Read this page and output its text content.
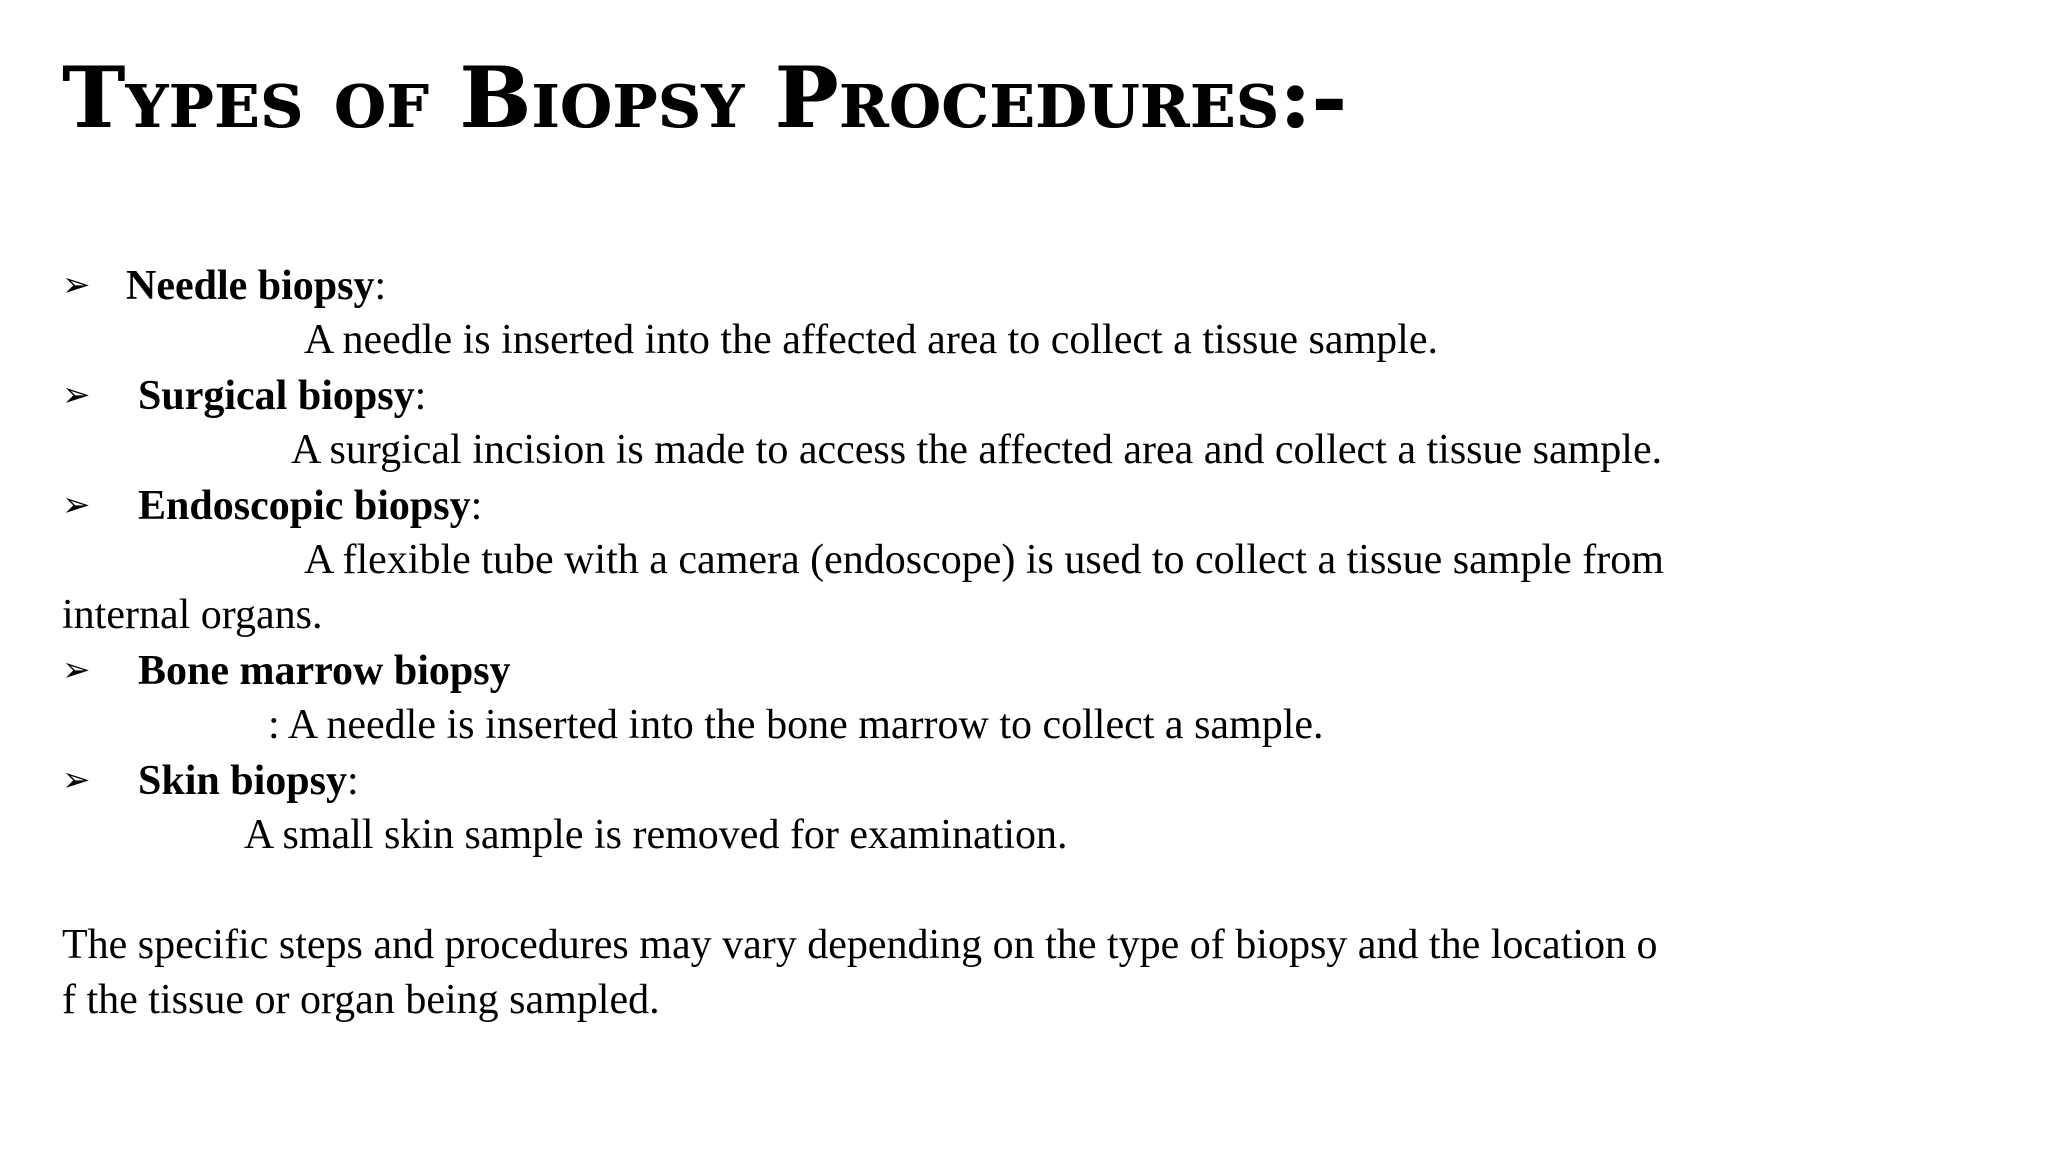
Types of Biopsy Procedures:-
➢ Needle biopsy:
A needle is inserted into the affected area to collect a tissue sample.
➢ Surgical biopsy:
A surgical incision is made to access the affected area and collect a tissue sample.
➢ Endoscopic biopsy:
A flexible tube with a camera (endoscope) is used to collect a tissue sample from
internal organs.
➢ Bone marrow biopsy
: A needle is inserted into the bone marrow to collect a sample.
➢ Skin biopsy:
A small skin sample is removed for examination.
The specific steps and procedures may vary depending on the type of biopsy and the location o
f the tissue or organ being sampled.
